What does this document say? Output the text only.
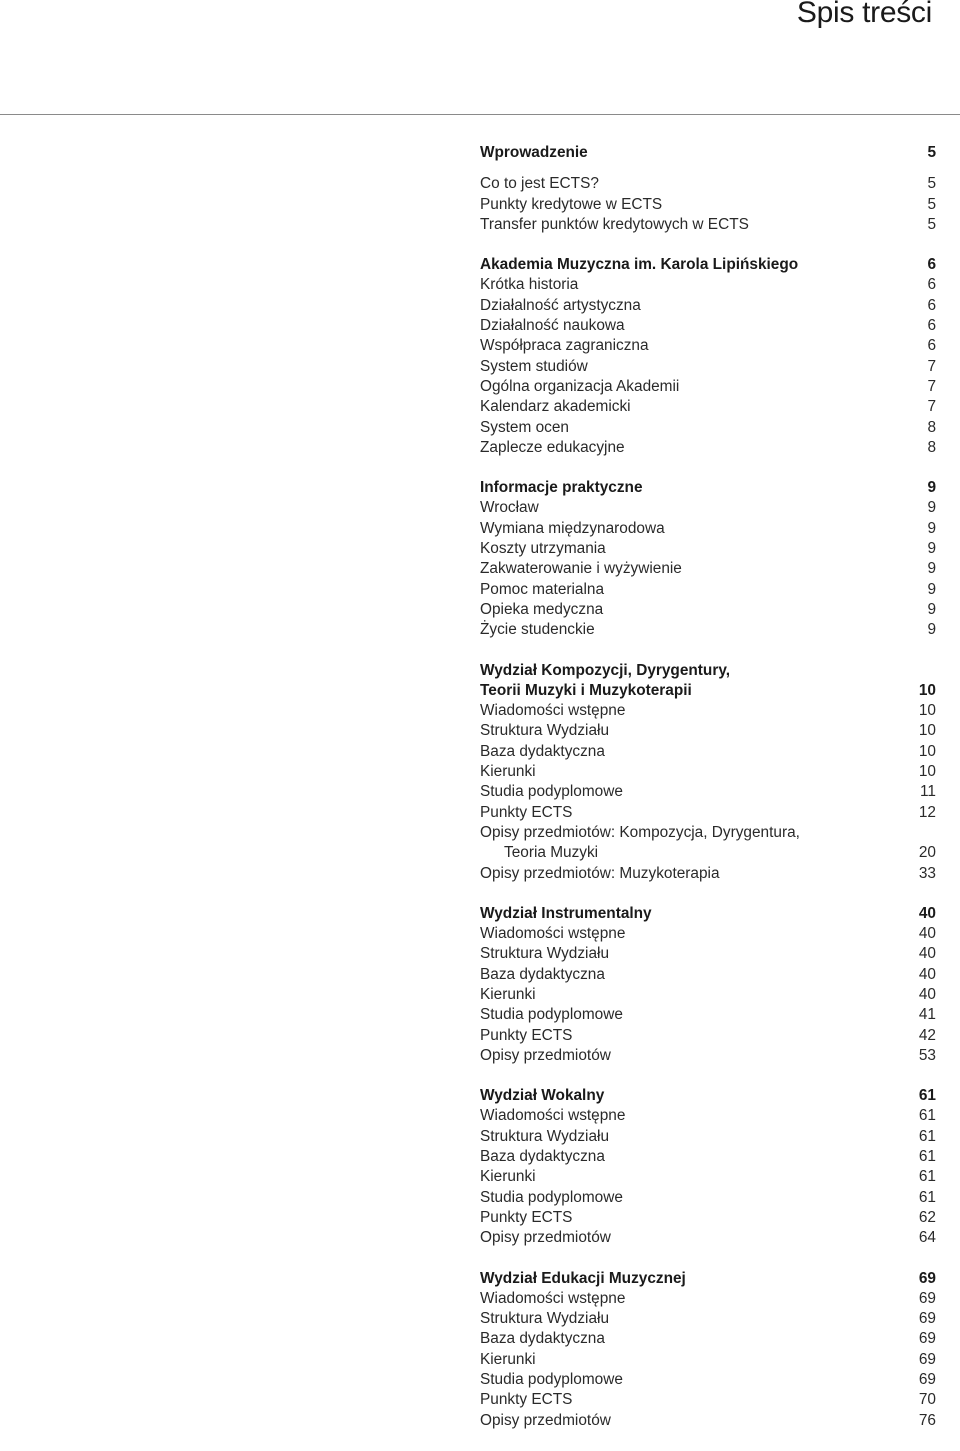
Spis treści
Wprowadzenie	5
Co to jest ECTS?	5
Punkty kredytowe w ECTS	5
Transfer punktów kredytowych w ECTS	5
Akademia Muzyczna im. Karola Lipińskiego	6
Krótka historia	6
Działalność artystyczna	6
Działalność naukowa	6
Współpraca zagraniczna	6
System studiów	7
Ogólna organizacja Akademii	7
Kalendarz akademicki	7
System ocen	8
Zaplecze edukacyjne	8
Informacje praktyczne	9
Wrocław	9
Wymiana międzynarodowa	9
Koszty utrzymania	9
Zakwaterowanie i wyżywienie	9
Pomoc materialna	9
Opieka medyczna	9
Życie studenckie	9
Wydział Kompozycji, Dyrygentury,
Teorii Muzyki i Muzykoterapii	10
Wiadomości wstępne	10
Struktura Wydziału	10
Baza dydaktyczna	10
Kierunki	10
Studia podyplomowe	11
Punkty ECTS	12
Opisy przedmiotów: Kompozycja, Dyrygentura,
Teoria Muzyki	20
Opisy przedmiotów: Muzykoterapia	33
Wydział Instrumentalny	40
Wiadomości wstępne	40
Struktura Wydziału	40
Baza dydaktyczna	40
Kierunki	40
Studia podyplomowe	41
Punkty ECTS	42
Opisy przedmiotów	53
Wydział Wokalny	61
Wiadomości wstępne	61
Struktura Wydziału	61
Baza dydaktyczna	61
Kierunki	61
Studia podyplomowe	61
Punkty ECTS	62
Opisy przedmiotów	64
Wydział Edukacji Muzycznej	69
Wiadomości wstępne	69
Struktura Wydziału	69
Baza dydaktyczna	69
Kierunki	69
Studia podyplomowe	69
Punkty ECTS	70
Opisy przedmiotów	76
